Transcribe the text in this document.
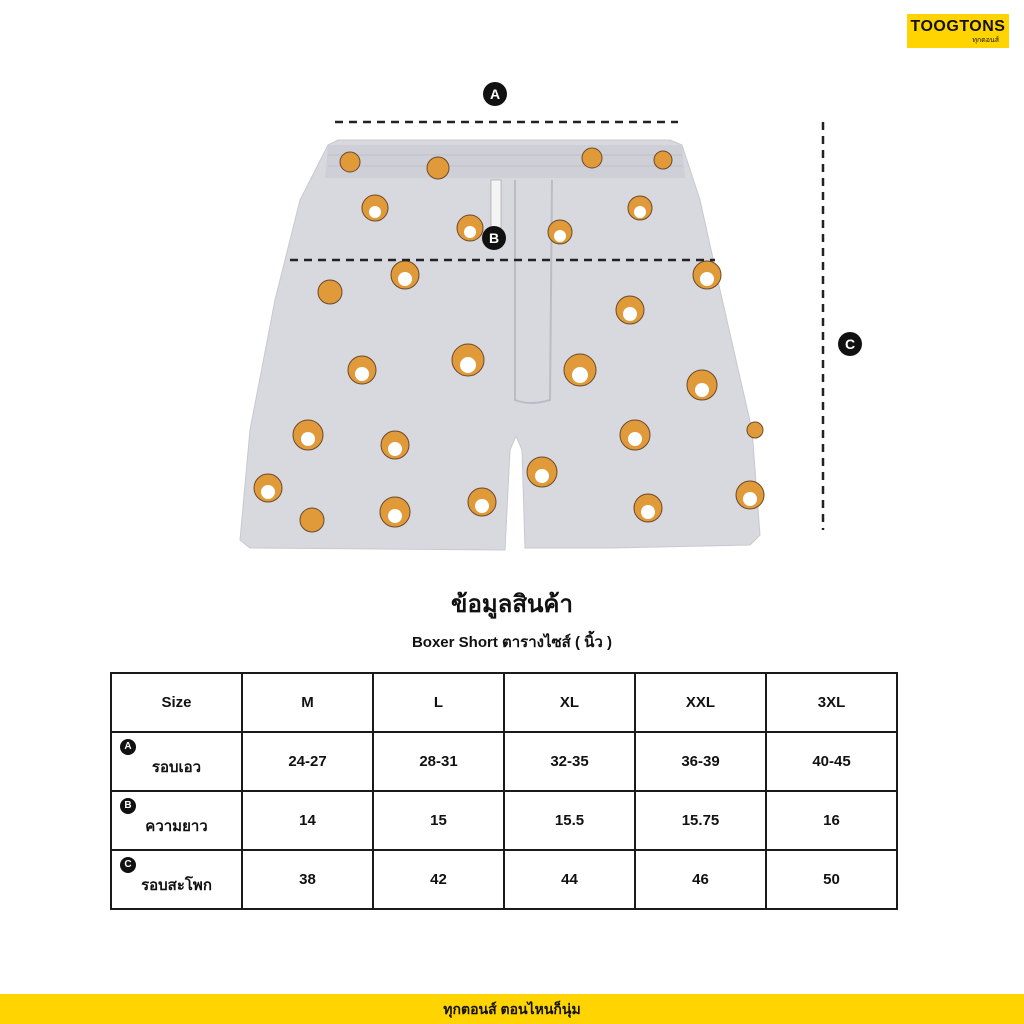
TOOGTONS
ทุกตอนส์
A
B
C
ข้อมูลสินค้า
Boxer Short ตารางไซส์ ( นิ้ว )
Size	M	L	XL	XXL	3XL

A
รอบเอว	24-27	28-31	32-35	36-39	40-45

B
ความยาว	14	15	15.5	15.75	16

C
รอบสะโพก	38	42	44	46	50
ทุกตอนส์ ตอนไหนก็นุ่ม
